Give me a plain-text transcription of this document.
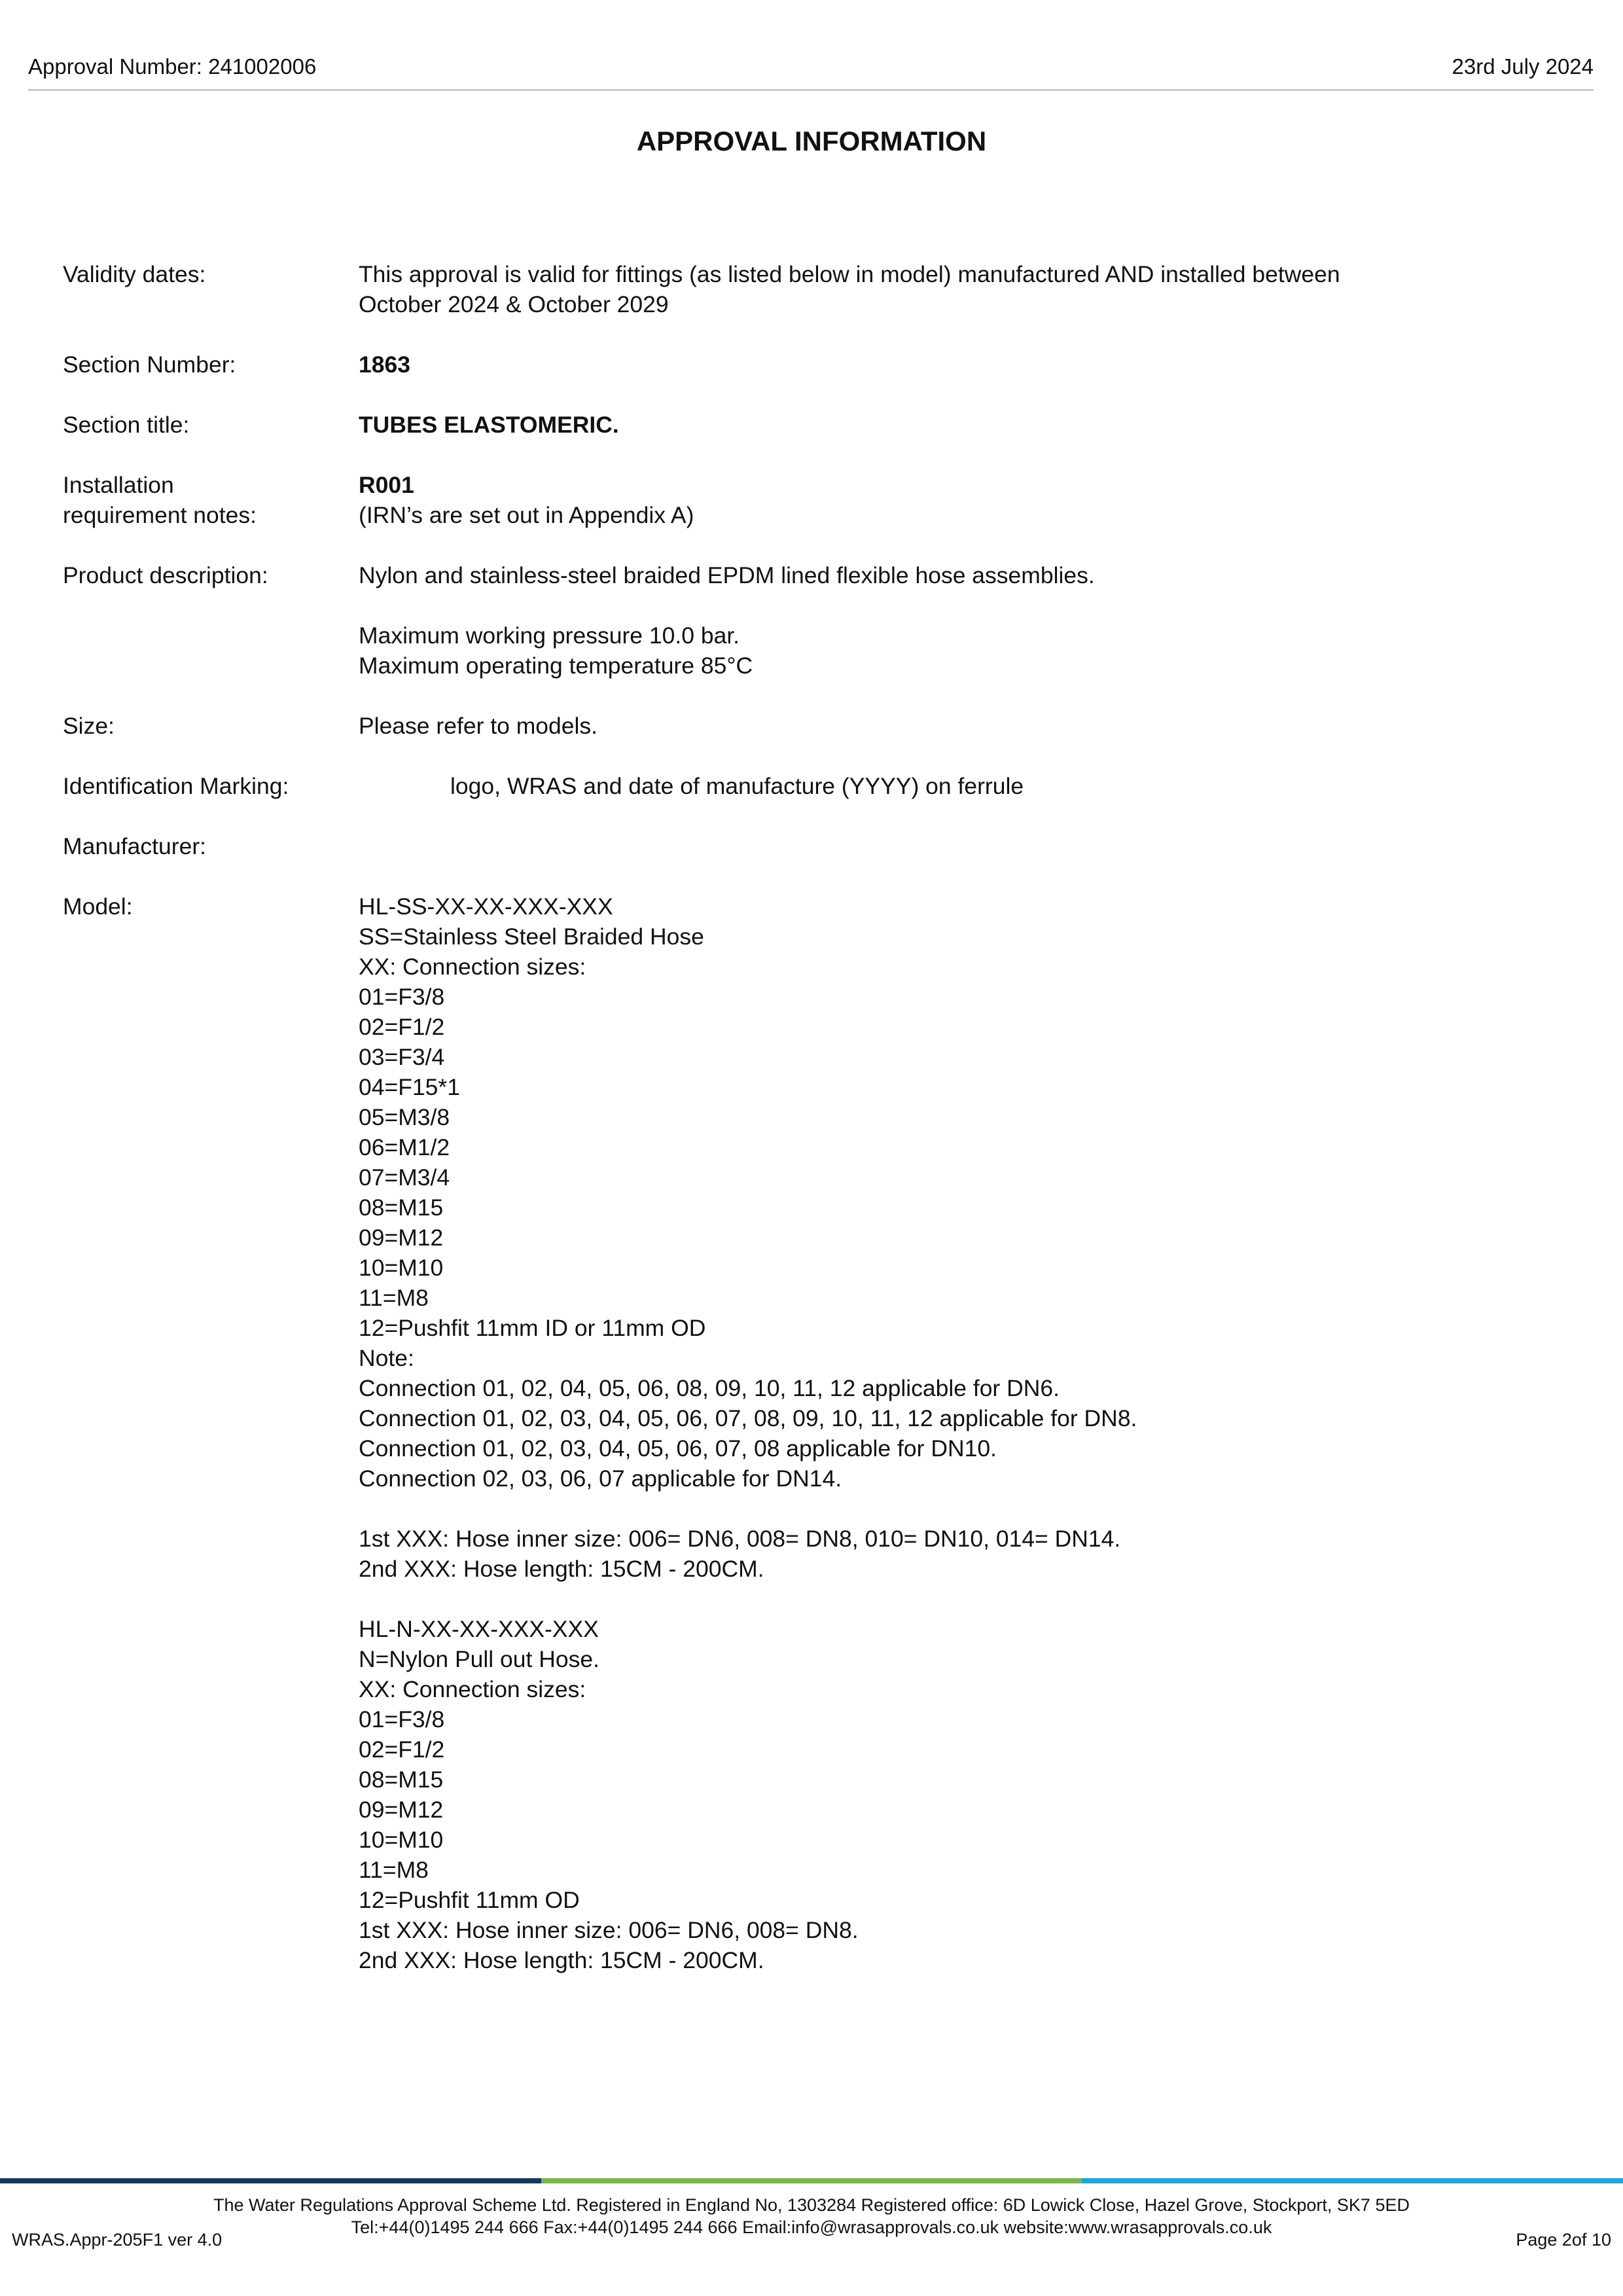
Approval Number: 241002006	23rd July 2024
APPROVAL INFORMATION
Validity dates:	This approval is valid for fittings (as listed below in model) manufactured AND installed between
October 2024 & October 2029
Section Number:	1863
Section title:	TUBES ELASTOMERIC.
Installation
requirement notes:
R001
(IRN’s are set out in Appendix A)
Product description:	Nylon and stainless-steel braided EPDM lined flexible hose assemblies.
Maximum working pressure 10.0 bar.
Maximum operating temperature 85°C
Size:	Please refer to models.
Identification Marking:	logo, WRAS and date of manufacture (YYYY) on ferrule
Manufacturer:
Model:	HL-SS-XX-XX-XXX-XXX
SS=Stainless Steel Braided Hose
XX: Connection sizes:
01=F3/8
02=F1/2
03=F3/4
04=F15*1
05=M3/8
06=M1/2
07=M3/4
08=M15
09=M12
10=M10
11=M8
12=Pushfit 11mm ID or 11mm OD
Note:
Connection 01, 02, 04, 05, 06, 08, 09, 10, 11, 12 applicable for DN6.
Connection 01, 02, 03, 04, 05, 06, 07, 08, 09, 10, 11, 12 applicable for DN8.
Connection 01, 02, 03, 04, 05, 06, 07, 08 applicable for DN10.
Connection 02, 03, 06, 07 applicable for DN14.
1st XXX: Hose inner size: 006= DN6, 008= DN8, 010= DN10, 014= DN14.
2nd XXX: Hose length: 15CM - 200CM.
HL-N-XX-XX-XXX-XXX
N=Nylon Pull out Hose.
XX: Connection sizes:
01=F3/8
02=F1/2
08=M15
09=M12
10=M10
11=M8
12=Pushfit 11mm OD
1st XXX: Hose inner size: 006= DN6, 008= DN8.
2nd XXX: Hose length: 15CM - 200CM.
The Water Regulations Approval Scheme Ltd. Registered in England No, 1303284 Registered office: 6D Lowick Close, Hazel Grove, Stockport, SK7 5ED
Tel:+44(0)1495 244 666 Fax:+44(0)1495 244 666 Email:info@wrasapprovals.co.uk website:www.wrasapprovals.co.uk
WRAS.Appr-205F1 ver 4.0	Page 2of 10
